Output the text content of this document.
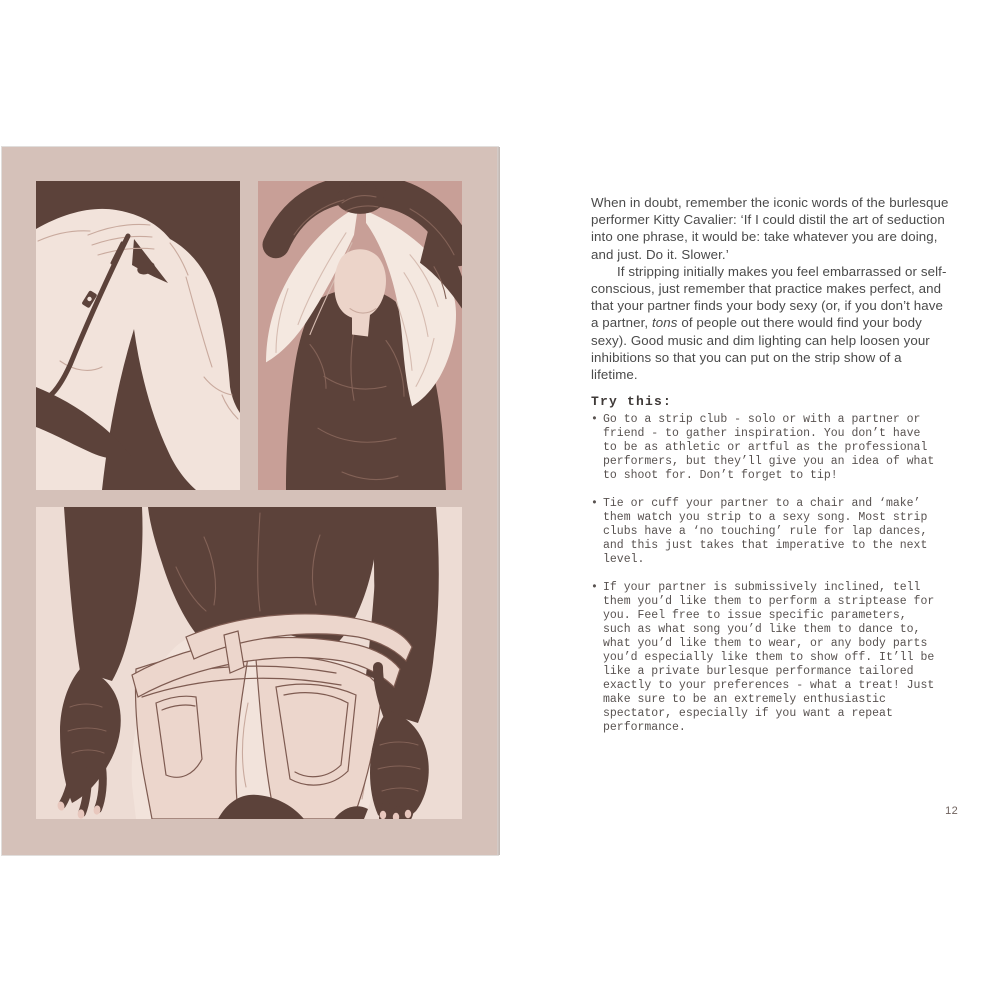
When in doubt, remember the iconic words of the burlesque performer Kitty Cavalier: ‘If I could distil the art of seduction into one phrase, it would be: take whatever you are doing, and just. Do it. Slower.’

If stripping initially makes you feel embarrassed or self-conscious, just remember that practice makes perfect, and that your partner finds your body sexy (or, if you don’t have a partner, tons of people out there would find your body sexy). Good music and dim lighting can help loosen your inhibitions so that you can put on the strip show of a lifetime.

Try this:
• Go to a strip club - solo or with a partner or friend - to gather inspiration. You don’t have to be as athletic or artful as the professional performers, but they’ll give you an idea of what to shoot for. Don’t forget to tip!
• Tie or cuff your partner to a chair and ‘make’ them watch you strip to a sexy song. Most strip clubs have a ‘no touching’ rule for lap dances, and this just takes that imperative to the next level.
• If your partner is submissively inclined, tell them you’d like them to perform a striptease for you. Feel free to issue specific parameters, such as what song you’d like them to dance to, what you’d like them to wear, or any body parts you’d especially like them to show off. It’ll be like a private burlesque performance tailored exactly to your preferences - what a treat! Just make sure to be an extremely enthusiastic spectator, especially if you want a repeat performance.
12
